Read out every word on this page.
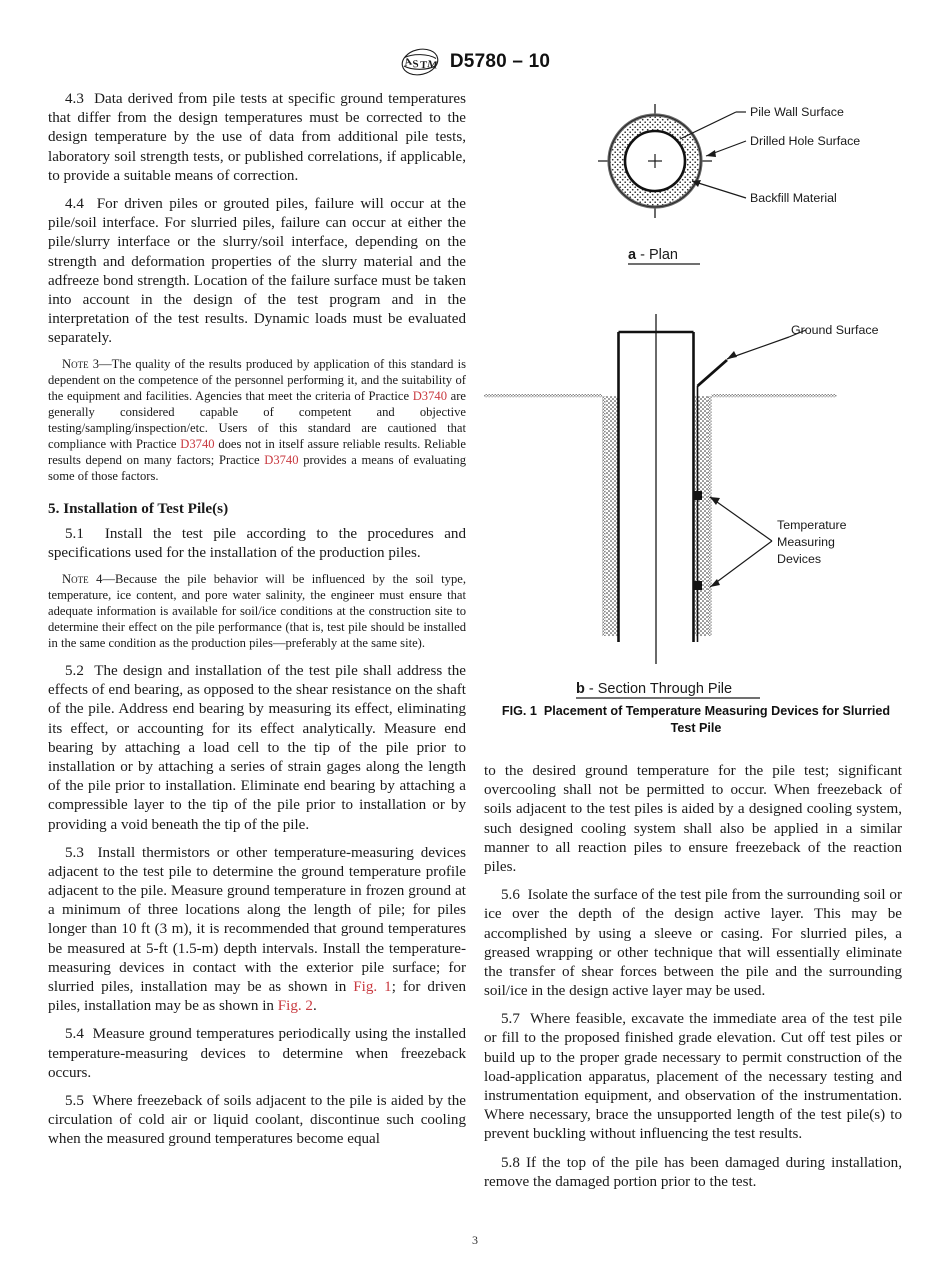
A S T M D5780 – 10

4.3 Data derived from pile tests at specific ground temperatures that differ from the design temperatures must be corrected to the design temperature by the use of data from additional pile tests, laboratory soil strength tests, or published correlations, if applicable, to provide a suitable means of correction.

4.4 For driven piles or grouted piles, failure will occur at the pile/soil interface. For slurried piles, failure can occur at either the pile/slurry interface or the slurry/soil interface, depending on the strength and deformation properties of the slurry material and the adfreeze bond strength. Location of the failure surface must be taken into account in the design of the test program and in the interpretation of the test results. Dynamic loads must be evaluated separately.

Note 3—The quality of the results produced by application of this standard is dependent on the competence of the personnel performing it, and the suitability of the equipment and facilities. Agencies that meet the criteria of Practice D3740 are generally considered capable of competent and objective testing/sampling/inspection/etc. Users of this standard are cautioned that compliance with Practice D3740 does not in itself assure reliable results. Reliable results depend on many factors; Practice D3740 provides a means of evaluating some of those factors.

5. Installation of Test Pile(s)

5.1 Install the test pile according to the procedures and specifications used for the installation of the production piles.

Note 4—Because the pile behavior will be influenced by the soil type, temperature, ice content, and pore water salinity, the engineer must ensure that adequate information is available for soil/ice conditions at the construction site to determine their effect on the pile performance (that is, test pile should be installed in the same condition as the production piles—preferably at the same site).

5.2 The design and installation of the test pile shall address the effects of end bearing, as opposed to the shear resistance on the shaft of the pile. Address end bearing by measuring its effect, eliminating its effect, or accounting for its effect analytically. Measure end bearing by attaching a load cell to the tip of the pile prior to installation or by attaching a series of strain gages along the length of the pile prior to installation. Eliminate end bearing by attaching a compressible layer to the tip of the pile prior to installation or by providing a void beneath the tip of the pile.

5.3 Install thermistors or other temperature-measuring devices adjacent to the test pile to determine the ground temperature profile adjacent to the pile. Measure ground temperature in frozen ground at a minimum of three locations along the length of pile; for piles longer than 10 ft (3 m), it is recommended that ground temperatures be measured at 5-ft (1.5-m) depth intervals. Install the temperature-measuring devices in contact with the exterior pile surface; for slurried piles, installation may be as shown in Fig. 1; for driven piles, installation may be as shown in Fig. 2.

5.4 Measure ground temperatures periodically using the installed temperature-measuring devices to determine when freezeback occurs.

5.5 Where freezeback of soils adjacent to the pile is aided by the circulation of cold air or liquid coolant, discontinue such cooling when the measured ground temperatures become equal

Pile Wall Surface
Drilled Hole Surface
Backfill Material
a - Plan
Ground Surface
Temperature
Measuring
Devices
b - Section Through Pile
FIG. 1 Placement of Temperature Measuring Devices for Slurried
Test Pile

to the desired ground temperature for the pile test; significant overcooling shall not be permitted to occur. When freezeback of soils adjacent to the test piles is aided by a designed cooling system, such designed cooling system shall also be applied in a similar manner to all reaction piles to ensure freezeback of the reaction piles.

5.6 Isolate the surface of the test pile from the surrounding soil or ice over the depth of the design active layer. This may be accomplished by using a sleeve or casing. For slurried piles, a greased wrapping or other technique that will essentially eliminate the transfer of shear forces between the pile and the surrounding soil/ice in the design active layer may be used.

5.7 Where feasible, excavate the immediate area of the test pile or fill to the proposed finished grade elevation. Cut off test piles or build up to the proper grade necessary to permit construction of the load-application apparatus, placement of the necessary testing and instrumentation equipment, and observation of the instrumentation. Where necessary, brace the unsupported length of the test pile(s) to prevent buckling without influencing the test results.

5.8 If the top of the pile has been damaged during installation, remove the damaged portion prior to the test.

3
